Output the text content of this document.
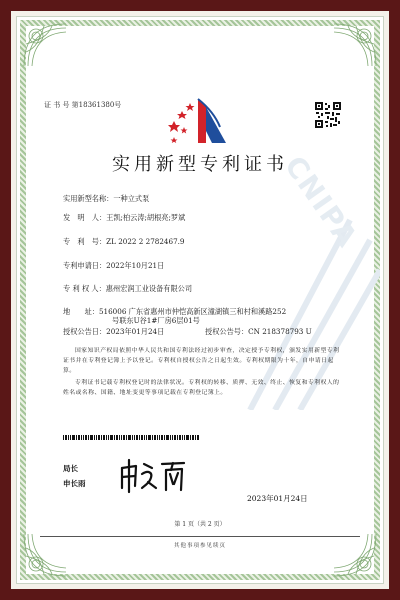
CNIPA
证 书 号 第18361380号
实用新型专利证书
实用新型名称：一种立式泵
发　明　人：王凯;柏云涛;胡根亮;罗斌
专　利　号：ZL 2022 2 2782467.9
专利申请日：2022年10月21日
专 利 权 人：惠州宏润工业设备有限公司
地　　址：516006 广东省惠州市仲恺高新区潼湖镇三和村和溪路252
号联东U谷1#厂房6层01号
授权公告日：2023年01月24日	授权公告号：CN 218378793 U
国家知识产权局依照中华人民共和国专利法经过初步审查，决定授予专利权，颁发实用新型专利证书并在专利登记簿上予以登记。专利权自授权公告之日起生效。专利权期限为十年，自申请日起算。
专利证书记载专利权登记时的法律状况。专利权的转移、质押、无效、终止、恢复和专利权人的姓名或名称、国籍、地址变更等事项记载在专利登记簿上。
局长
申长雨
2023年01月24日
第 1 页（共 2 页）
其他事项参见续页
